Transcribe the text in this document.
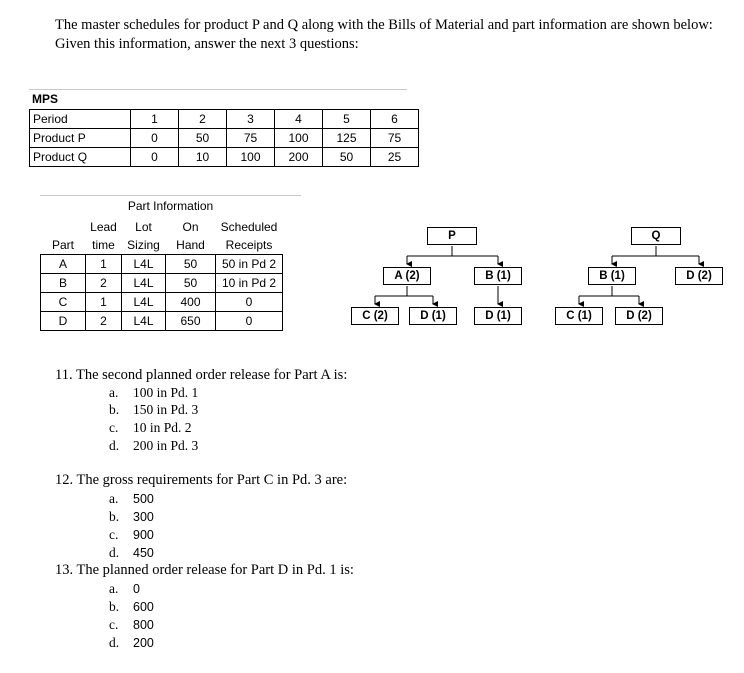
The master schedules for product P and Q along with the Bills of Material and part information are shown below: Given this information, answer the next 3 questions:
MPS
Period	1	2	3	4	5	6
Product P	0	50	75	100	125	75
Product Q	0	10	100	200	50	25
Part Information
	Lead	Lot	On	Scheduled
Part	time	Sizing	Hand	Receipts
A	1	L4L	50	50 in Pd 2
B	2	L4L	50	10 in Pd 2
C	1	L4L	400	0
D	2	L4L	650	0
P
A (2)	B (1)
C (2)	D (1)	D (1)
Q
B (1)	D (2)
C (1)	D (2)
11. The second planned order release for Part A is:
a. 100 in Pd. 1
b. 150 in Pd. 3
c. 10 in Pd. 2
d. 200 in Pd. 3
12. The gross requirements for Part C in Pd. 3 are:
a. 500
b. 300
c. 900
d. 450
13. The planned order release for Part D in Pd. 1 is:
a. 0
b. 600
c. 800
d. 200
